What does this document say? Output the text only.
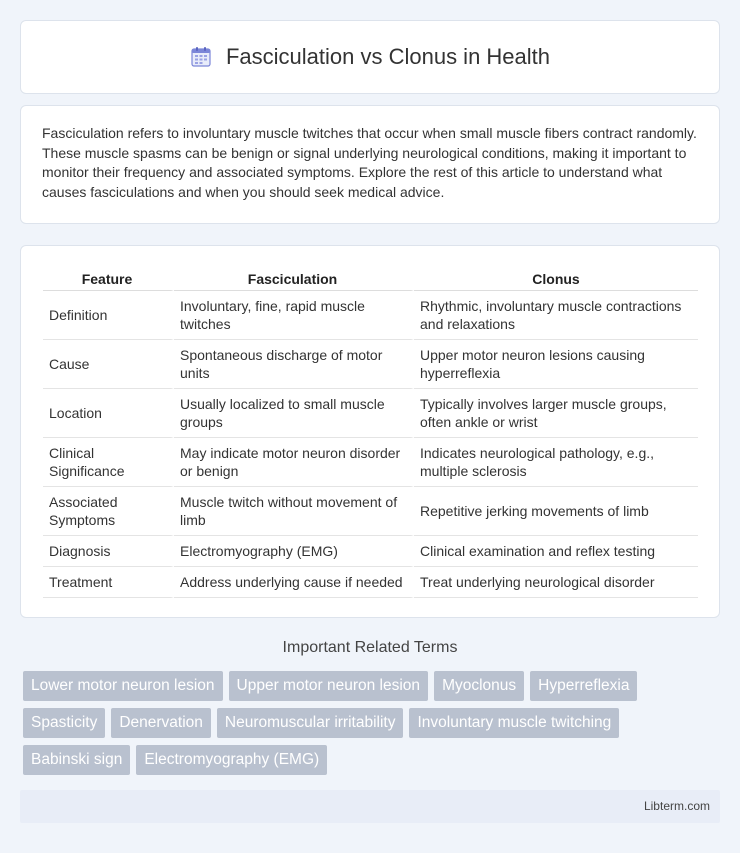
Fasciculation vs Clonus in Health

Fasciculation refers to involuntary muscle twitches that occur when small muscle fibers contract randomly. These muscle spasms can be benign or signal underlying neurological conditions, making it important to monitor their frequency and associated symptoms. Explore the rest of this article to understand what causes fasciculations and when you should seek medical advice.

Feature	Fasciculation	Clonus
Definition	Involuntary, fine, rapid muscle twitches	Rhythmic, involuntary muscle contractions and relaxations
Cause	Spontaneous discharge of motor units	Upper motor neuron lesions causing hyperreflexia
Location	Usually localized to small muscle groups	Typically involves larger muscle groups, often ankle or wrist
Clinical Significance	May indicate motor neuron disorder or benign	Indicates neurological pathology, e.g., multiple sclerosis
Associated Symptoms	Muscle twitch without movement of limb	Repetitive jerking movements of limb
Diagnosis	Electromyography (EMG)	Clinical examination and reflex testing
Treatment	Address underlying cause if needed	Treat underlying neurological disorder
Important Related Terms
Lower motor neuron lesion	Upper motor neuron lesion	Myoclonus	Hyperreflexia
Spasticity	Denervation	Neuromuscular irritability	Involuntary muscle twitching
Babinski sign	Electromyography (EMG)
Libterm.com
